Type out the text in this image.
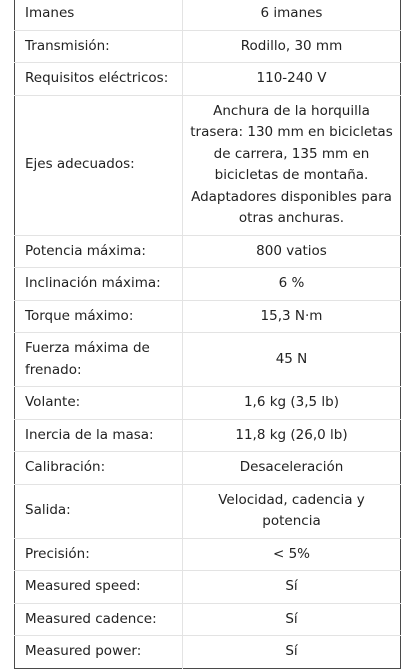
Imanes	6 imanes
Transmisión:	Rodillo, 30 mm
Requisitos eléctricos:	110-240 V
Ejes adecuados:	Anchura de la horquilla trasera: 130 mm en bicicletas de carrera, 135 mm en bicicletas de montaña. Adaptadores disponibles para otras anchuras.
Potencia máxima:	800 vatios
Inclinación máxima:	6 %
Torque máximo:	15,3 N·m
Fuerza máxima de frenado:	45 N
Volante:	1,6 kg (3,5 lb)
Inercia de la masa:	11,8 kg (26,0 lb)
Calibración:	Desaceleración
Salida:	Velocidad, cadencia y potencia
Precisión:	< 5%
Measured speed:	Sí
Measured cadence:	Sí
Measured power:	Sí
